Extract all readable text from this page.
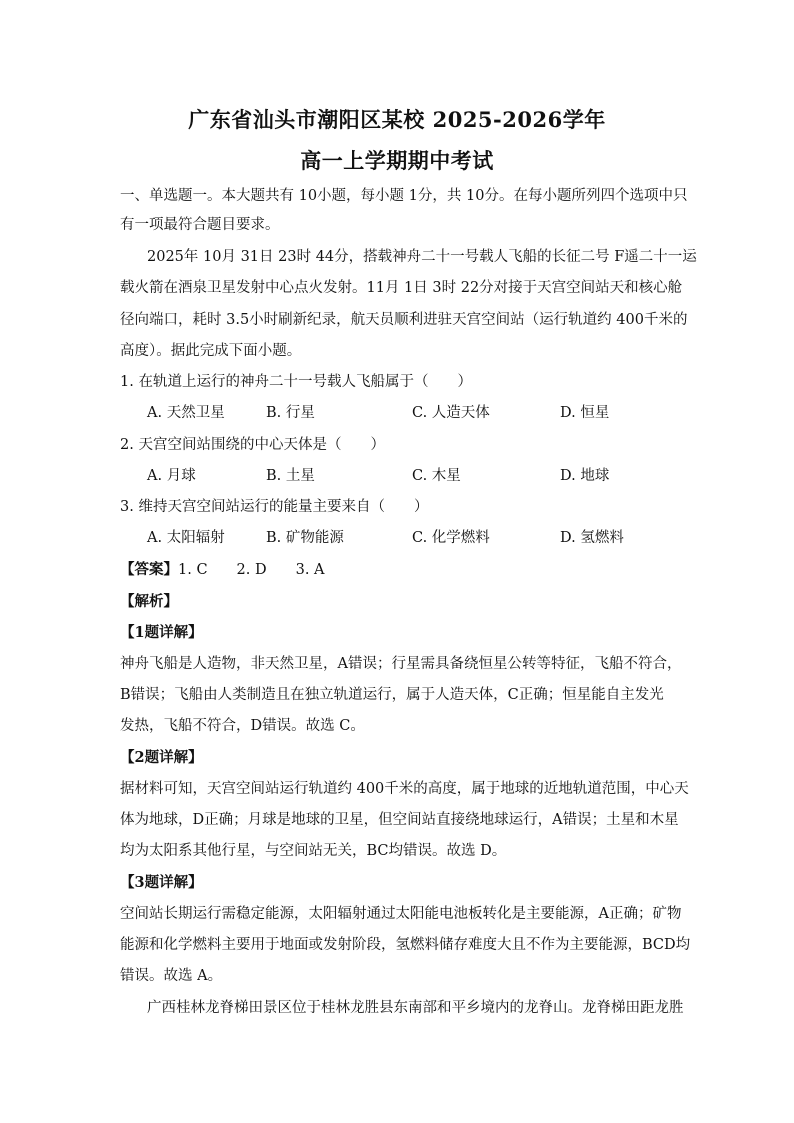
广东省汕头市潮阳区某校 2025-2026学年
高一上学期期中考试
一、单选题一。本大题共有 10小题，每小题 1分，共 10分。在每小题所列四个选项中只
有一项最符合题目要求。
2025年 10月 31日 23时 44分，搭载神舟二十一号载人飞船的长征二号 F遥二十一运
载火箭在酒泉卫星发射中心点火发射。11月 1日 3时 22分对接于天宫空间站天和核心舱
径向端口，耗时 3.5小时刷新纪录，航天员顺利进驻天宫空间站（运行轨道约 400千米的
高度）。据此完成下面小题。
1. 在轨道上运行的神舟二十一号载人飞船属于（　　）
A. 天然卫星	B. 行星	C. 人造天体	D. 恒星
2. 天宫空间站围绕的中心天体是（　　）
A. 月球	B. 土星	C. 木星	D. 地球
3. 维持天宫空间站运行的能量主要来自（　　）
A. 太阳辐射	B. 矿物能源	C. 化学燃料	D. 氢燃料
【答案】1. C　　2. D　　3. A
【解析】
【1题详解】
神舟飞船是人造物，非天然卫星，A错误；行星需具备绕恒星公转等特征，飞船不符合，
B错误；飞船由人类制造且在独立轨道运行，属于人造天体，C正确；恒星能自主发光
发热，飞船不符合，D错误。故选 C。
【2题详解】
据材料可知，天宫空间站运行轨道约 400千米的高度，属于地球的近地轨道范围，中心天
体为地球，D正确；月球是地球的卫星，但空间站直接绕地球运行，A错误；土星和木星
均为太阳系其他行星，与空间站无关，BC均错误。故选 D。
【3题详解】
空间站长期运行需稳定能源，太阳辐射通过太阳能电池板转化是主要能源，A正确；矿物
能源和化学燃料主要用于地面或发射阶段，氢燃料储存难度大且不作为主要能源，BCD均
错误。故选 A。
广西桂林龙脊梯田景区位于桂林龙胜县东南部和平乡境内的龙脊山。龙脊梯田距龙胜
